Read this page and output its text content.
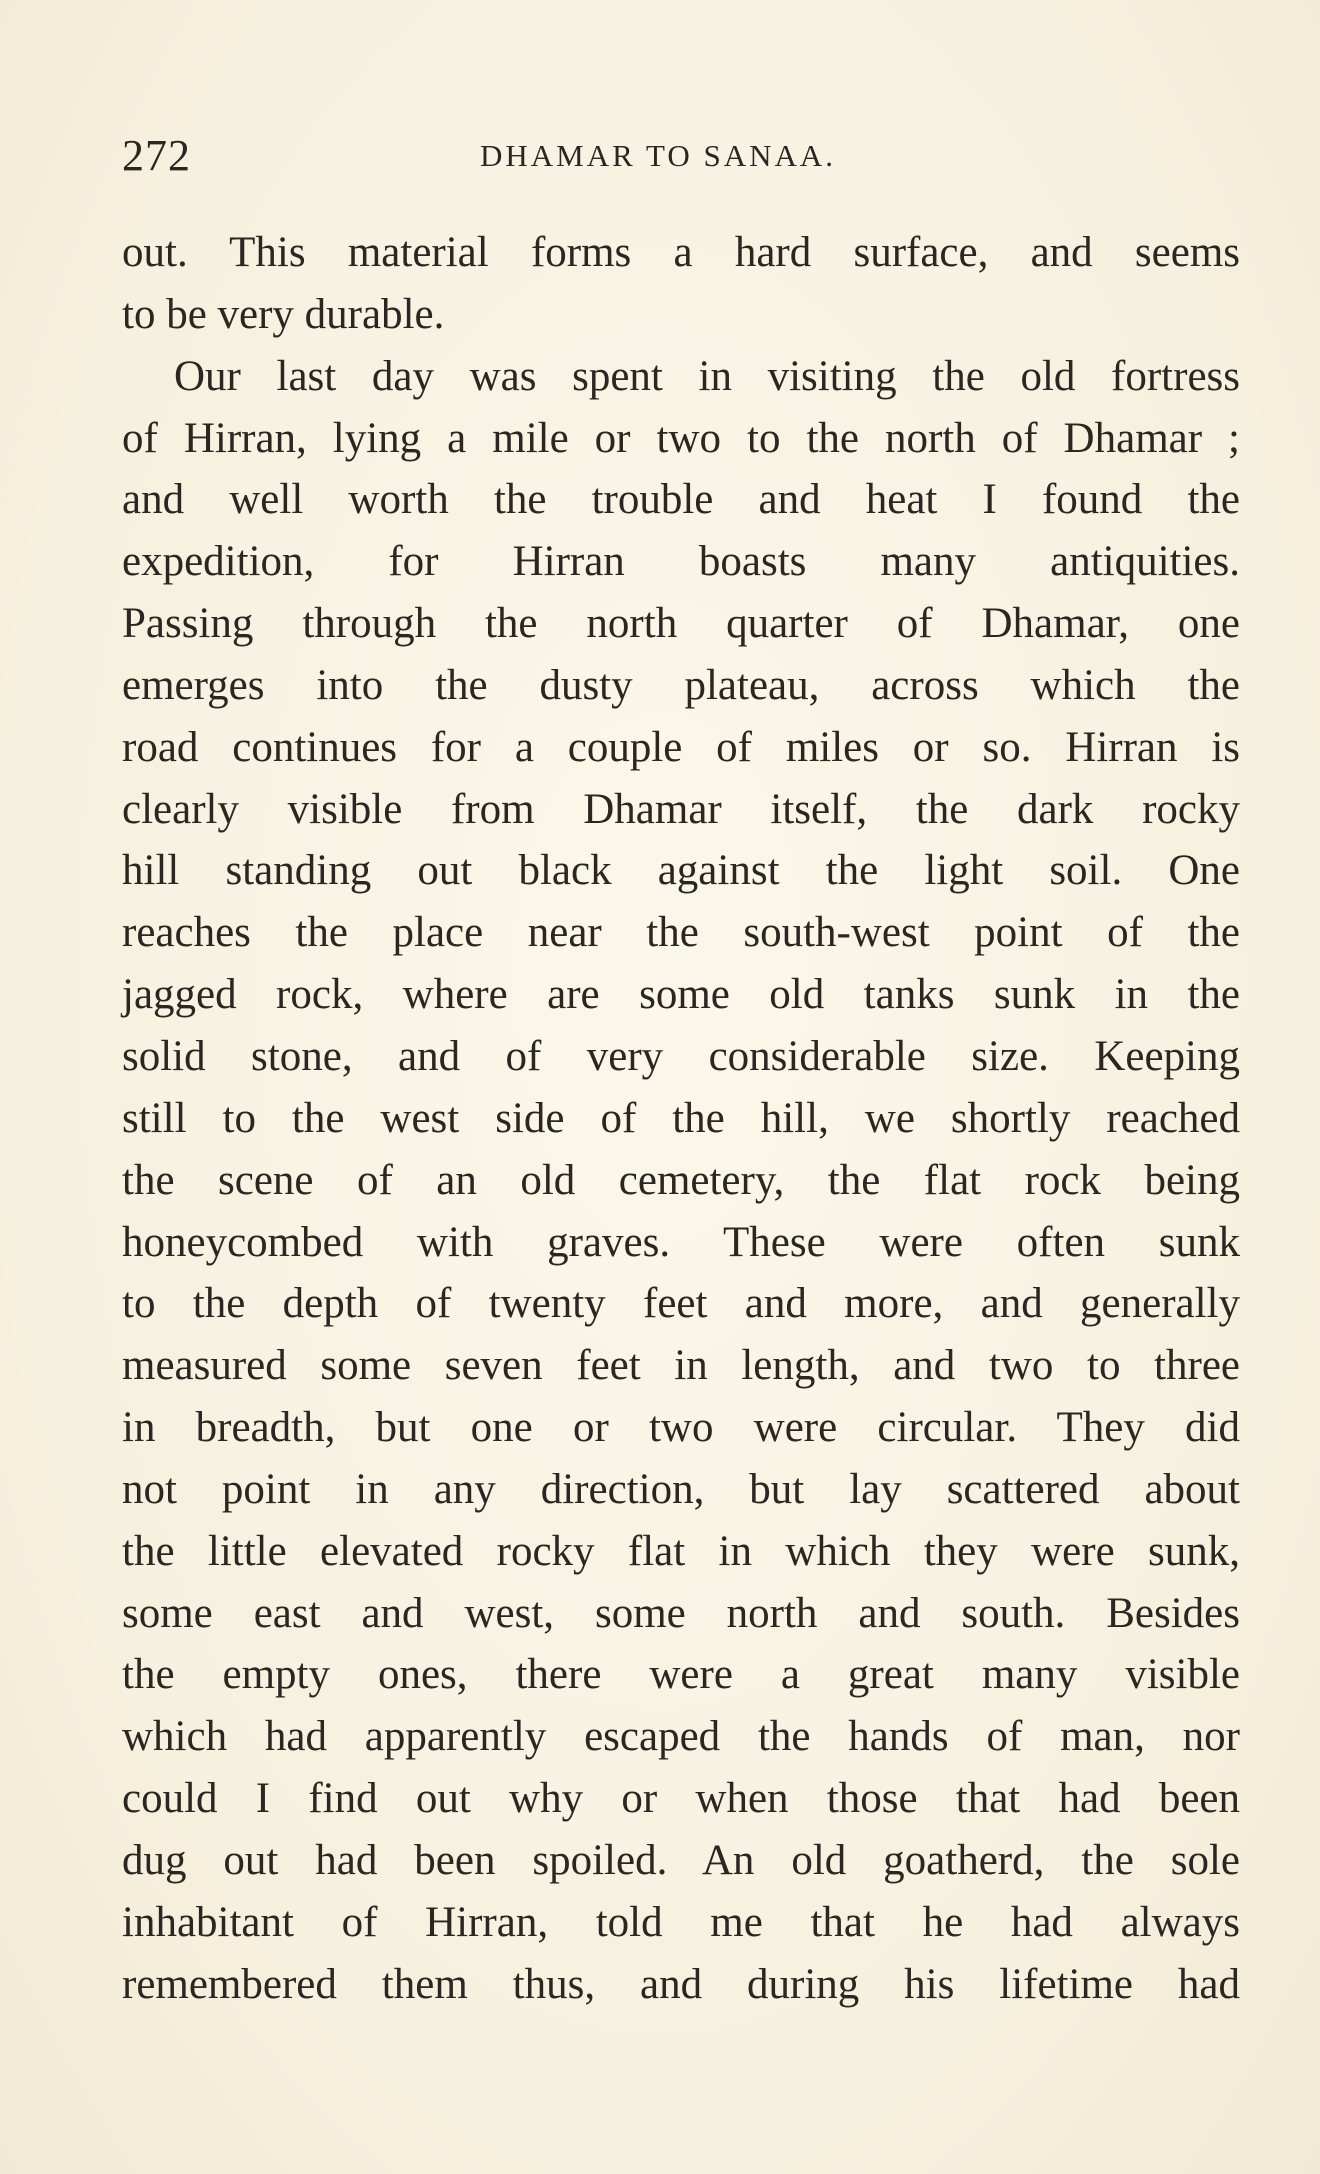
272	DHAMAR TO SANAA.
out. This material forms a hard surface, and seems
to be very durable.
Our last day was spent in visiting the old fortress
of Hirran, lying a mile or two to the north of Dhamar ;
and well worth the trouble and heat I found the
expedition, for Hirran boasts many antiquities.
Passing through the north quarter of Dhamar, one
emerges into the dusty plateau, across which the
road continues for a couple of miles or so. Hirran is
clearly visible from Dhamar itself, the dark rocky
hill standing out black against the light soil. One
reaches the place near the south-west point of the
jagged rock, where are some old tanks sunk in the
solid stone, and of very considerable size. Keeping
still to the west side of the hill, we shortly reached
the scene of an old cemetery, the flat rock being
honeycombed with graves. These were often sunk
to the depth of twenty feet and more, and generally
measured some seven feet in length, and two to three
in breadth, but one or two were circular. They did
not point in any direction, but lay scattered about
the little elevated rocky flat in which they were sunk,
some east and west, some north and south. Besides
the empty ones, there were a great many visible
which had apparently escaped the hands of man, nor
could I find out why or when those that had been
dug out had been spoiled. An old goatherd, the sole
inhabitant of Hirran, told me that he had always
remembered them thus, and during his lifetime had
